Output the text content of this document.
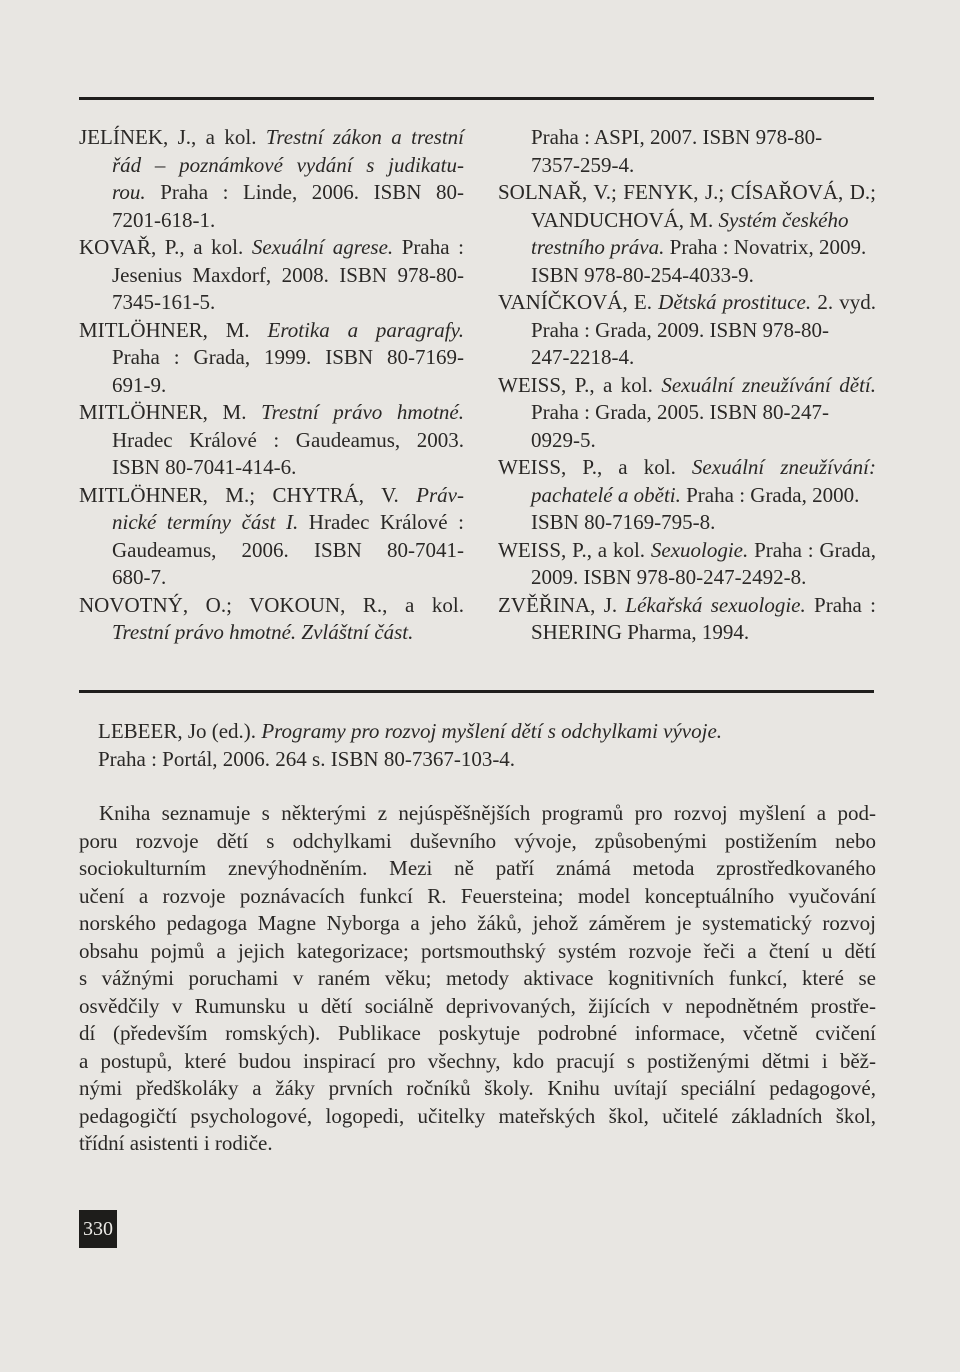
JELÍNEK, J., a kol. Trestní zákon a trestní
řád – poznámkové vydání s judikatu-
rou. Praha : Linde, 2006. ISBN 80-
7201-618-1.
KOVAŘ, P., a kol. Sexuální agrese. Praha :
Jesenius Maxdorf, 2008. ISBN 978-80-
7345-161-5.
MITLÖHNER, M. Erotika a paragrafy.
Praha : Grada, 1999. ISBN 80-7169-
691-9.
MITLÖHNER, M. Trestní právo hmotné.
Hradec Králové : Gaudeamus, 2003.
ISBN 80-7041-414-6.
MITLÖHNER, M.; CHYTRÁ, V. Práv-
nické termíny část I. Hradec Králové :
Gaudeamus, 2006. ISBN 80-7041-
680-7.
NOVOTNÝ, O.; VOKOUN, R., a kol.
Trestní právo hmotné. Zvláštní část.
Praha : ASPI, 2007. ISBN 978-80-
7357-259-4.
SOLNAŘ, V.; FENYK, J.; CÍSAŘOVÁ, D.;
VANDUCHOVÁ, M. Systém českého
trestního práva. Praha : Novatrix, 2009.
ISBN 978-80-254-4033-9.
VANÍČKOVÁ, E. Dětská prostituce. 2. vyd.
Praha : Grada, 2009. ISBN 978-80-
247-2218-4.
WEISS, P., a kol. Sexuální zneužívání dětí.
Praha : Grada, 2005. ISBN 80-247-
0929-5.
WEISS, P., a kol. Sexuální zneužívání:
pachatelé a oběti. Praha : Grada, 2000.
ISBN 80-7169-795-8.
WEISS, P., a kol. Sexuologie. Praha : Grada,
2009. ISBN 978-80-247-2492-8.
ZVĚŘINA, J. Lékařská sexuologie. Praha :
SHERING Pharma, 1994.
LEBEER, Jo (ed.). Programy pro rozvoj myšlení dětí s odchylkami vývoje.
Praha : Portál, 2006. 264 s. ISBN 80-7367-103-4.
Kniha seznamuje s některými z nejúspěšnějších programů pro rozvoj myšlení a pod-
poru rozvoje dětí s odchylkami duševního vývoje, způsobenými postižením nebo
sociokulturním znevýhodněním. Mezi ně patří známá metoda zprostředkovaného
učení a rozvoje poznávacích funkcí R. Feuersteina; model konceptuálního vyučování
norského pedagoga Magne Nyborga a jeho žáků, jehož záměrem je systematický rozvoj
obsahu pojmů a jejich kategorizace; portsmouthský systém rozvoje řeči a čtení u dětí
s vážnými poruchami v raném věku; metody aktivace kognitivních funkcí, které se
osvědčily v Rumunsku u dětí sociálně deprivovaných, žijících v nepodnětném prostře-
dí (především romských). Publikace poskytuje podrobné informace, včetně cvičení
a postupů, které budou inspirací pro všechny, kdo pracují s postiženými dětmi i běž-
nými předškoláky a žáky prvních ročníků školy. Knihu uvítají speciální pedagogové,
pedagogičtí psychologové, logopedi, učitelky mateřských škol, učitelé základních škol,
třídní asistenti i rodiče.
330
